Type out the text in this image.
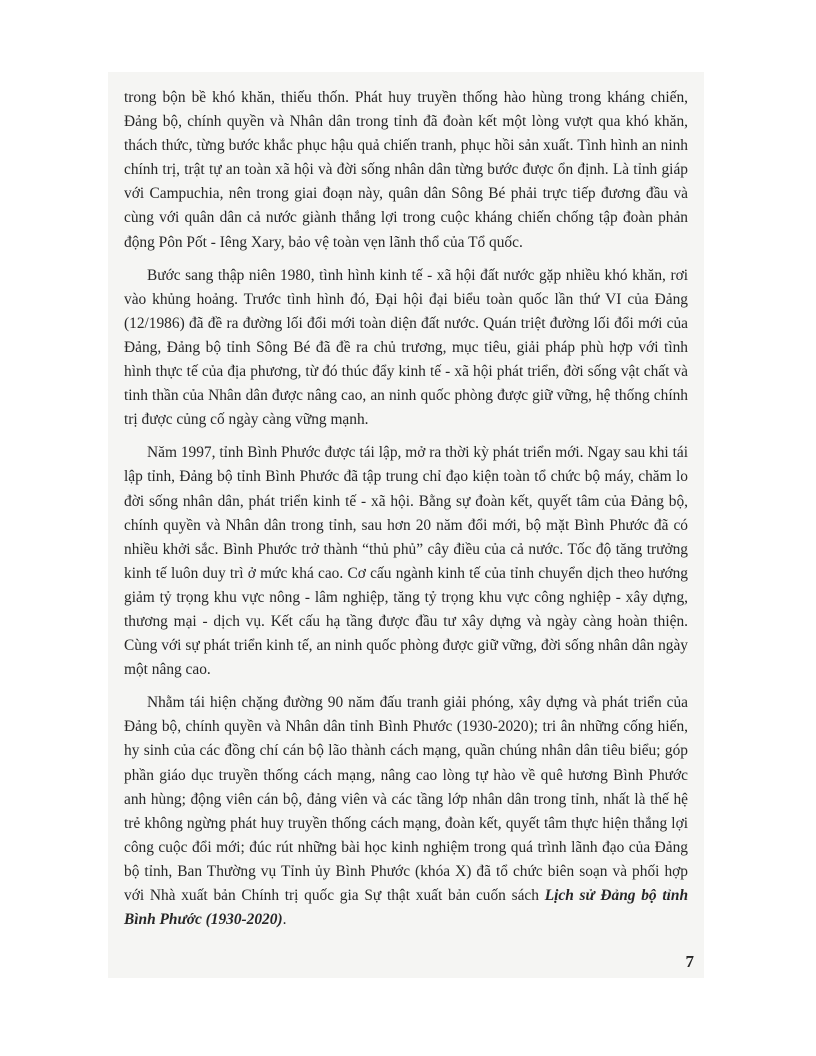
trong bộn bề khó khăn, thiếu thốn. Phát huy truyền thống hào hùng trong kháng chiến, Đảng bộ, chính quyền và Nhân dân trong tỉnh đã đoàn kết một lòng vượt qua khó khăn, thách thức, từng bước khắc phục hậu quả chiến tranh, phục hồi sản xuất. Tình hình an ninh chính trị, trật tự an toàn xã hội và đời sống nhân dân từng bước được ổn định. Là tỉnh giáp với Campuchia, nên trong giai đoạn này, quân dân Sông Bé phải trực tiếp đương đầu và cùng với quân dân cả nước giành thắng lợi trong cuộc kháng chiến chống tập đoàn phản động Pôn Pốt - Iêng Xary, bảo vệ toàn vẹn lãnh thổ của Tổ quốc.

Bước sang thập niên 1980, tình hình kinh tế - xã hội đất nước gặp nhiều khó khăn, rơi vào khủng hoảng. Trước tình hình đó, Đại hội đại biểu toàn quốc lần thứ VI của Đảng (12/1986) đã đề ra đường lối đổi mới toàn diện đất nước. Quán triệt đường lối đổi mới của Đảng, Đảng bộ tỉnh Sông Bé đã đề ra chủ trương, mục tiêu, giải pháp phù hợp với tình hình thực tế của địa phương, từ đó thúc đẩy kinh tế - xã hội phát triển, đời sống vật chất và tinh thần của Nhân dân được nâng cao, an ninh quốc phòng được giữ vững, hệ thống chính trị được củng cố ngày càng vững mạnh.

Năm 1997, tỉnh Bình Phước được tái lập, mở ra thời kỳ phát triển mới. Ngay sau khi tái lập tỉnh, Đảng bộ tỉnh Bình Phước đã tập trung chỉ đạo kiện toàn tổ chức bộ máy, chăm lo đời sống nhân dân, phát triển kinh tế - xã hội. Bằng sự đoàn kết, quyết tâm của Đảng bộ, chính quyền và Nhân dân trong tỉnh, sau hơn 20 năm đổi mới, bộ mặt Bình Phước đã có nhiều khởi sắc. Bình Phước trở thành “thủ phủ” cây điều của cả nước. Tốc độ tăng trưởng kinh tế luôn duy trì ở mức khá cao. Cơ cấu ngành kinh tế của tỉnh chuyển dịch theo hướng giảm tỷ trọng khu vực nông - lâm nghiệp, tăng tỷ trọng khu vực công nghiệp - xây dựng, thương mại - dịch vụ. Kết cấu hạ tầng được đầu tư xây dựng và ngày càng hoàn thiện. Cùng với sự phát triển kinh tế, an ninh quốc phòng được giữ vững, đời sống nhân dân ngày một nâng cao.

Nhằm tái hiện chặng đường 90 năm đấu tranh giải phóng, xây dựng và phát triển của Đảng bộ, chính quyền và Nhân dân tỉnh Bình Phước (1930-2020); tri ân những cống hiến, hy sinh của các đồng chí cán bộ lão thành cách mạng, quần chúng nhân dân tiêu biểu; góp phần giáo dục truyền thống cách mạng, nâng cao lòng tự hào về quê hương Bình Phước anh hùng; động viên cán bộ, đảng viên và các tầng lớp nhân dân trong tỉnh, nhất là thế hệ trẻ không ngừng phát huy truyền thống cách mạng, đoàn kết, quyết tâm thực hiện thắng lợi công cuộc đổi mới; đúc rút những bài học kinh nghiệm trong quá trình lãnh đạo của Đảng bộ tỉnh, Ban Thường vụ Tỉnh ủy Bình Phước (khóa X) đã tổ chức biên soạn và phối hợp với Nhà xuất bản Chính trị quốc gia Sự thật xuất bản cuốn sách Lịch sử Đảng bộ tỉnh Bình Phước (1930-2020).

7
